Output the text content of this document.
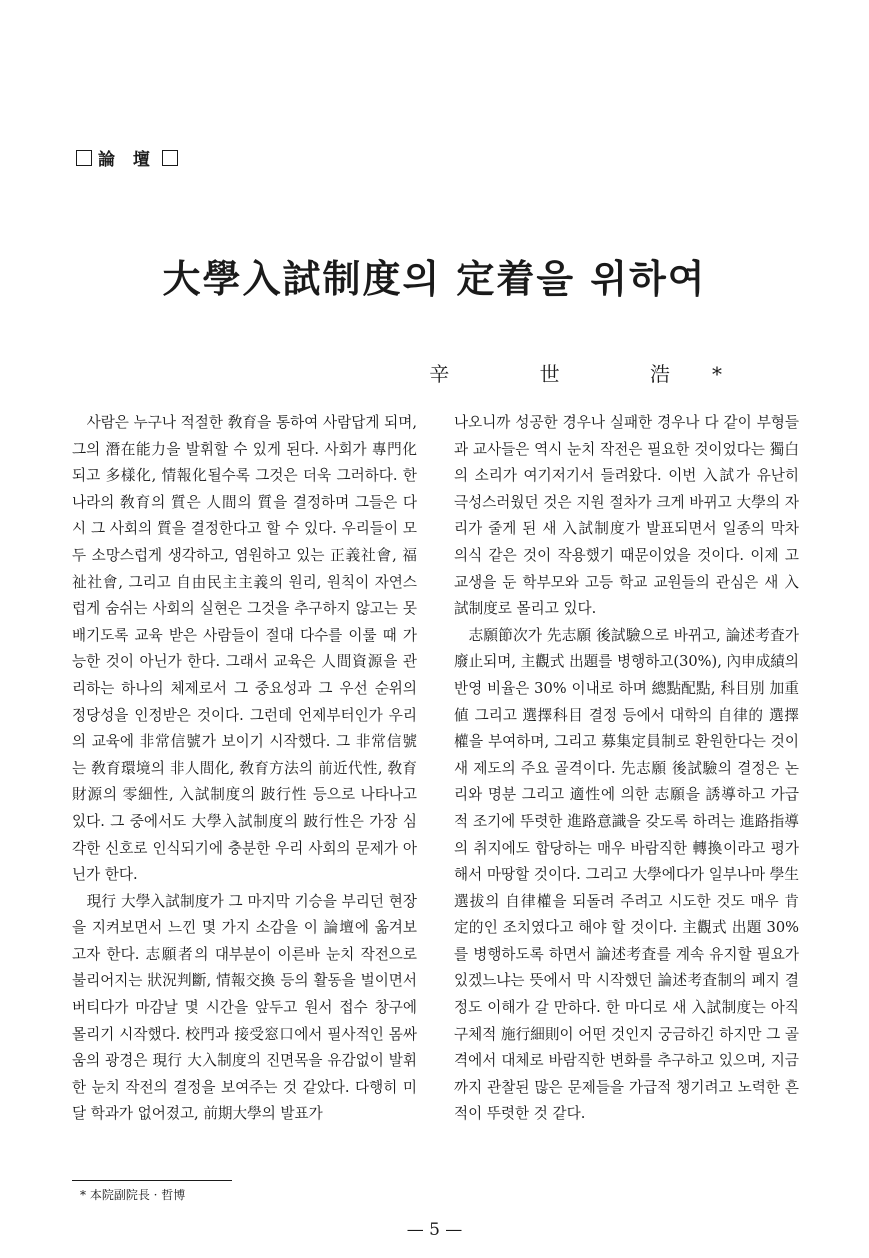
論 壇
大學入試制度의 定着을 위하여
辛 世 浩*

사람은 누구나 적절한 敎育을 통하여 사람답게 되며, 그의 潛在能力을 발휘할 수 있게 된다. 사회가 專門化되고 多樣化, 情報化될수록 그것은 더욱 그러하다. 한 나라의 敎育의 質은 人間의 質을 결정하며 그들은 다시 그 사회의 質을 결정한다고 할 수 있다. 우리들이 모두 소망스럽게 생각하고, 염원하고 있는 正義社會, 福祉社會, 그리고 自由民主主義의 원리, 원칙이 자연스럽게 숨쉬는 사회의 실현은 그것을 추구하지 않고는 못배기도록 교육 받은 사람들이 절대 다수를 이룰 때 가능한 것이 아닌가 한다. 그래서 교육은 人間資源을 관리하는 하나의 체제로서 그 중요성과 그 우선 순위의 정당성을 인정받은 것이다. 그런데 언제부터인가 우리의 교육에 非常信號가 보이기 시작했다. 그 非常信號는 敎育環境의 非人間化, 敎育方法의 前近代性, 敎育財源의 零細性, 入試制度의 跛行性 등으로 나타나고 있다. 그 중에서도 大學入試制度의 跛行性은 가장 심각한 신호로 인식되기에 충분한 우리 사회의 문제가 아닌가 한다.

現行 大學入試制度가 그 마지막 기승을 부리던 현장을 지켜보면서 느낀 몇 가지 소감을 이 論壇에 옮겨보고자 한다. 志願者의 대부분이 이른바 눈치 작전으로 불리어지는 狀況判斷, 情報交換 등의 활동을 벌이면서 버티다가 마감날 몇 시간을 앞두고 원서 접수 창구에 몰리기 시작했다. 校門과 接受窓口에서 필사적인 몸싸움의 광경은 現行 大入制度의 진면목을 유감없이 발휘한 눈치 작전의 결정을 보여주는 것 같았다. 다행히 미달 학과가 없어졌고, 前期大學의 발표가

나오니까 성공한 경우나 실패한 경우나 다 같이 부형들과 교사들은 역시 눈치 작전은 필요한 것이었다는 獨白의 소리가 여기저기서 들려왔다. 이번 入試가 유난히 극성스러웠던 것은 지원 절차가 크게 바뀌고 大學의 자리가 줄게 된 새 入試制度가 발표되면서 일종의 막차 의식 같은 것이 작용했기 때문이었을 것이다. 이제 고교생을 둔 학부모와 고등 학교 교원들의 관심은 새 入試制度로 몰리고 있다.

志願節次가 先志願 後試驗으로 바뀌고, 論述考査가 廢止되며, 主觀式 出題를 병행하고(30%), 內申成績의 반영 비율은 30% 이내로 하며 總點配點, 科目別 加重値 그리고 選擇科目 결정 등에서 대학의 自律的 選擇權을 부여하며, 그리고 募集定員制로 환원한다는 것이 새 제도의 주요 골격이다. 先志願 後試驗의 결정은 논리와 명분 그리고 適性에 의한 志願을 誘導하고 가급적 조기에 뚜렷한 進路意識을 갖도록 하려는 進路指導의 취지에도 합당하는 매우 바람직한 轉換이라고 평가해서 마땅할 것이다. 그리고 大學에다가 일부나마 學生選拔의 自律權을 되돌려 주려고 시도한 것도 매우 肯定的인 조치였다고 해야 할 것이다. 主觀式 出題 30%를 병행하도록 하면서 論述考査를 계속 유지할 필요가 있겠느냐는 뜻에서 막 시작했던 論述考査制의 폐지 결정도 이해가 갈 만하다. 한 마디로 새 入試制度는 아직 구체적 施行細則이 어떤 것인지 궁금하긴 하지만 그 골격에서 대체로 바람직한 변화를 추구하고 있으며, 지금까지 관찰된 많은 문제들을 가급적 챙기려고 노력한 흔적이 뚜렷한 것 같다.

* 本院副院長 · 哲博
— 5 —
